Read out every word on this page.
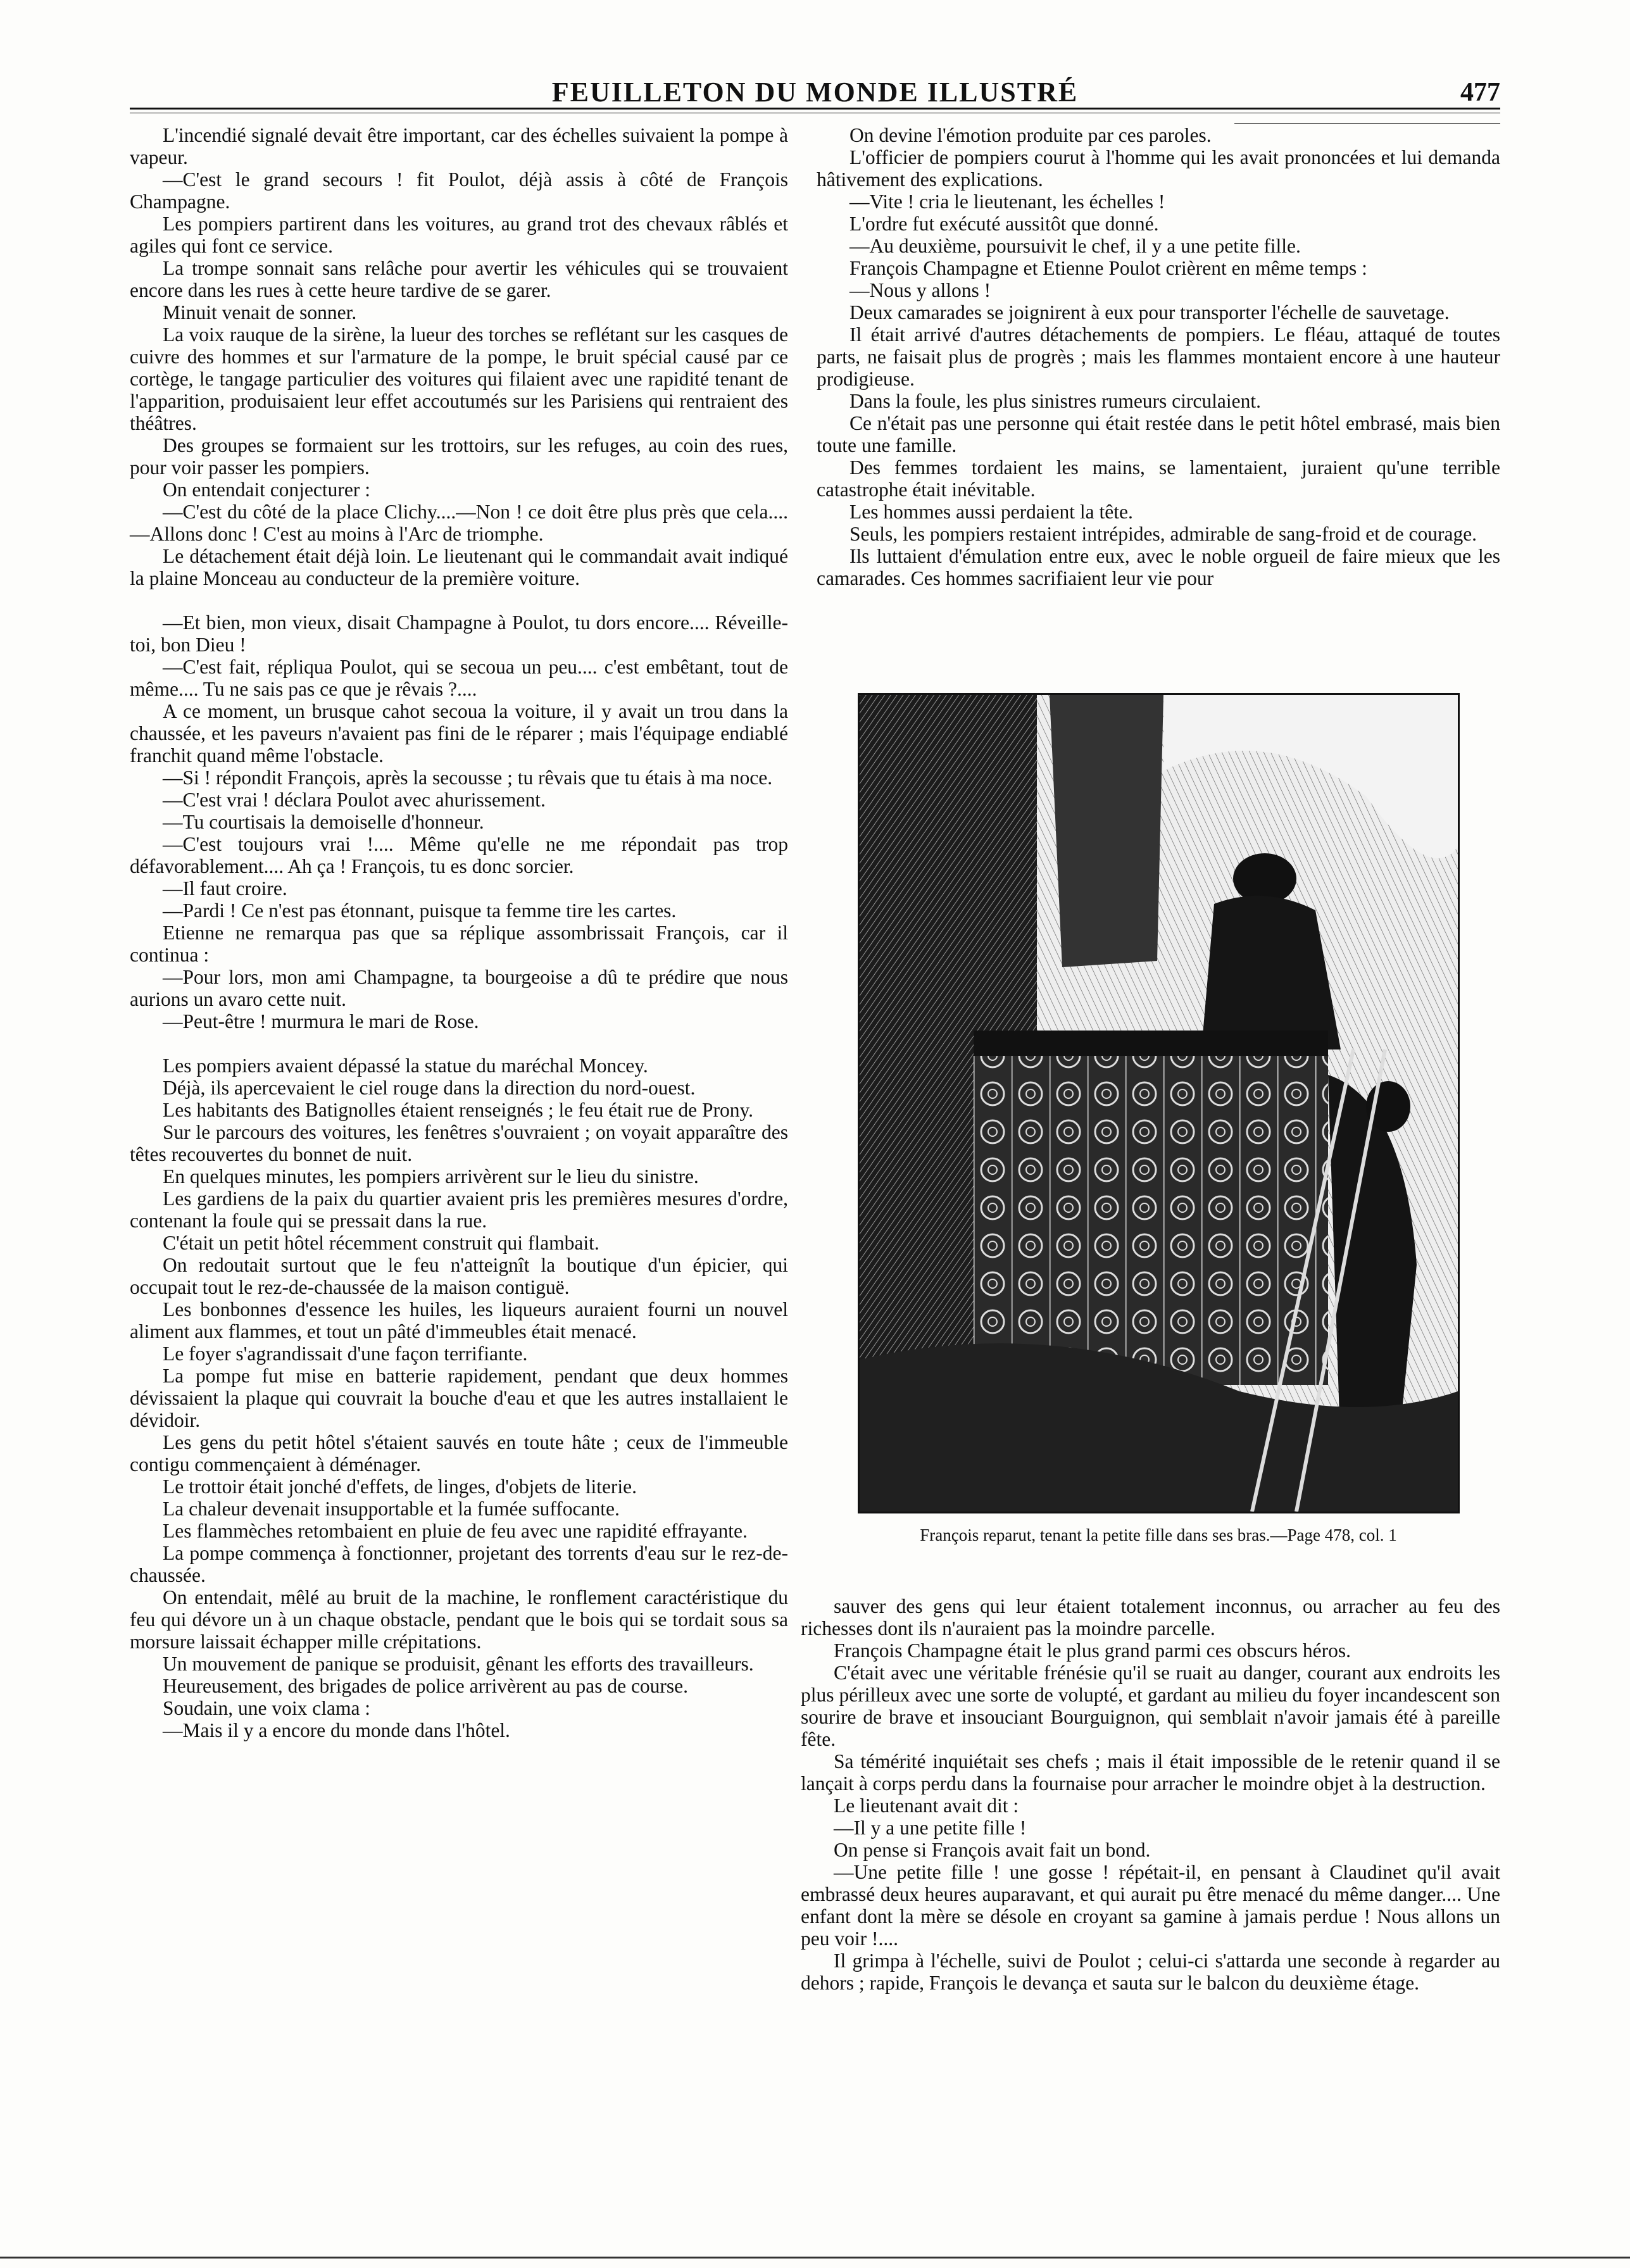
FEUILLETON DU MONDE ILLUSTRÉ	477

L'incendié signalé devait être important, car des échelles suivaient la pompe à vapeur.

—C'est le grand secours ! fit Poulot, déjà assis à côté de François Champagne.

Les pompiers partirent dans les voitures, au grand trot des chevaux râblés et agiles qui font ce service.

La trompe sonnait sans relâche pour avertir les véhicules qui se trouvaient encore dans les rues à cette heure tardive de se garer.

Minuit venait de sonner.

La voix rauque de la sirène, la lueur des torches se reflétant sur les casques de cuivre des hommes et sur l'armature de la pompe, le bruit spécial causé par ce cortège, le tangage particulier des voitures qui filaient avec une rapidité tenant de l'apparition, produisaient leur effet accoutumés sur les Parisiens qui rentraient des théâtres.

Des groupes se formaient sur les trottoirs, sur les refuges, au coin des rues, pour voir passer les pompiers.

On entendait conjecturer :

—C'est du côté de la place Clichy....—Non ! ce doit être plus près que cela....—Allons donc ! C'est au moins à l'Arc de triomphe.

Le détachement était déjà loin. Le lieutenant qui le commandait avait indiqué la plaine Monceau au conducteur de la première voiture.

—Et bien, mon vieux, disait Champagne à Poulot, tu dors encore.... Réveille-toi, bon Dieu !

—C'est fait, répliqua Poulot, qui se secoua un peu.... c'est embêtant, tout de même.... Tu ne sais pas ce que je rêvais ?....

A ce moment, un brusque cahot secoua la voiture, il y avait un trou dans la chaussée, et les paveurs n'avaient pas fini de le réparer ; mais l'équipage endiablé franchit quand même l'obstacle.

—Si ! répondit François, après la secousse ; tu rêvais que tu étais à ma noce.

—C'est vrai ! déclara Poulot avec ahurissement.

—Tu courtisais la demoiselle d'honneur.

—C'est toujours vrai !.... Même qu'elle ne me répondait pas trop défavorablement.... Ah ça ! François, tu es donc sorcier.

—Il faut croire.

—Pardi ! Ce n'est pas étonnant, puisque ta femme tire les cartes.

Etienne ne remarqua pas que sa réplique assombrissait François, car il continua :

—Pour lors, mon ami Champagne, ta bourgeoise a dû te prédire que nous aurions un avaro cette nuit.

—Peut-être ! murmura le mari de Rose.

Les pompiers avaient dépassé la statue du maréchal Moncey.

Déjà, ils apercevaient le ciel rouge dans la direction du nord-ouest.

Les habitants des Batignolles étaient renseignés ; le feu était rue de Prony.

Sur le parcours des voitures, les fenêtres s'ouvraient ; on voyait apparaître des têtes recouvertes du bonnet de nuit.

En quelques minutes, les pompiers arrivèrent sur le lieu du sinistre.

Les gardiens de la paix du quartier avaient pris les premières mesures d'ordre, contenant la foule qui se pressait dans la rue.

C'était un petit hôtel récemment construit qui flambait.

On redoutait surtout que le feu n'atteignît la boutique d'un épicier, qui occupait tout le rez-de-chaussée de la maison contiguë.

Les bonbonnes d'essence les huiles, les liqueurs auraient fourni un nouvel aliment aux flammes, et tout un pâté d'immeubles était menacé.

Le foyer s'agrandissait d'une façon terrifiante.

La pompe fut mise en batterie rapidement, pendant que deux hommes dévissaient la plaque qui couvrait la bouche d'eau et que les autres installaient le dévidoir.

Les gens du petit hôtel s'étaient sauvés en toute hâte ; ceux de l'immeuble contigu commençaient à déménager.

Le trottoir était jonché d'effets, de linges, d'objets de literie.

La chaleur devenait insupportable et la fumée suffocante.

Les flammèches retombaient en pluie de feu avec une rapidité effrayante.

La pompe commença à fonctionner, projetant des torrents d'eau sur le rez-de-chaussée.

On entendait, mêlé au bruit de la machine, le ronflement caractéristique du feu qui dévore un à un chaque obstacle, pendant que le bois qui se tordait sous sa morsure laissait échapper mille crépitations.

Un mouvement de panique se produisit, gênant les efforts des travailleurs.

Heureusement, des brigades de police arrivèrent au pas de course.

Soudain, une voix clama :

—Mais il y a encore du monde dans l'hôtel.

On devine l'émotion produite par ces paroles.

L'officier de pompiers courut à l'homme qui les avait prononcées et lui demanda hâtivement des explications.

—Vite ! cria le lieutenant, les échelles !

L'ordre fut exécuté aussitôt que donné.

—Au deuxième, poursuivit le chef, il y a une petite fille.

François Champagne et Etienne Poulot crièrent en même temps :

—Nous y allons !

Deux camarades se joignirent à eux pour transporter l'échelle de sauvetage.

Il était arrivé d'autres détachements de pompiers. Le fléau, attaqué de toutes parts, ne faisait plus de progrès ; mais les flammes montaient encore à une hauteur prodigieuse.

Dans la foule, les plus sinistres rumeurs circulaient.

Ce n'était pas une personne qui était restée dans le petit hôtel embrasé, mais bien toute une famille.

Des femmes tordaient les mains, se lamentaient, juraient qu'une terrible catastrophe était inévitable.

Les hommes aussi perdaient la tête.

Seuls, les pompiers restaient intrépides, admirable de sang-froid et de courage.

Ils luttaient d'émulation entre eux, avec le noble orgueil de faire mieux que les camarades. Ces hommes sacrifiaient leur vie pour

François reparut, tenant la petite fille dans ses bras.—Page 478, col. 1

sauver des gens qui leur étaient totalement inconnus, ou arracher au feu des richesses dont ils n'auraient pas la moindre parcelle.

François Champagne était le plus grand parmi ces obscurs héros.

C'était avec une véritable frénésie qu'il se ruait au danger, courant aux endroits les plus périlleux avec une sorte de volupté, et gardant au milieu du foyer incandescent son sourire de brave et insouciant Bourguignon, qui semblait n'avoir jamais été à pareille fête.

Sa témérité inquiétait ses chefs ; mais il était impossible de le retenir quand il se lançait à corps perdu dans la fournaise pour arracher le moindre objet à la destruction.

Le lieutenant avait dit :

—Il y a une petite fille !

On pense si François avait fait un bond.

—Une petite fille ! une gosse ! répétait-il, en pensant à Claudinet qu'il avait embrassé deux heures auparavant, et qui aurait pu être menacé du même danger.... Une enfant dont la mère se désole en croyant sa gamine à jamais perdue ! Nous allons un peu voir !....

Il grimpa à l'échelle, suivi de Poulot ; celui-ci s'attarda une seconde à regarder au dehors ; rapide, François le devança et sauta sur le balcon du deuxième étage.
